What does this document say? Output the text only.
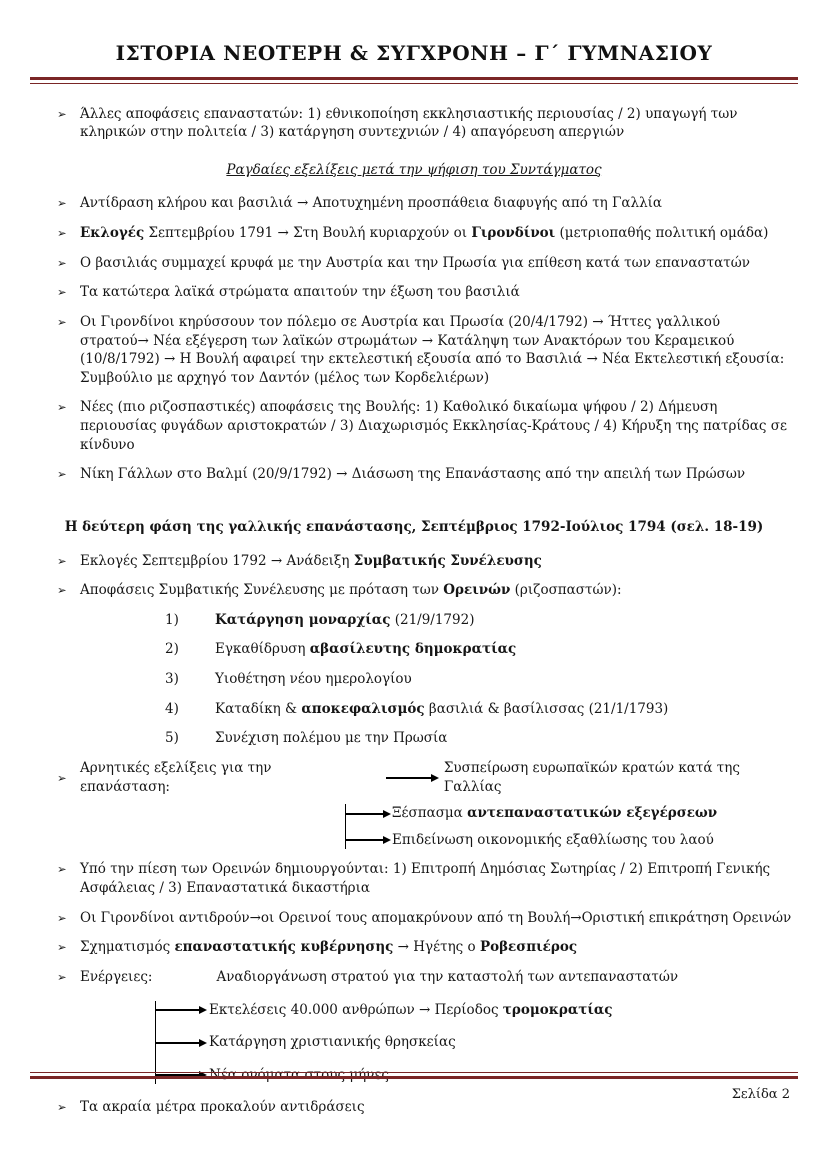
ΙΣΤΟΡΙΑ ΝΕΟΤΕΡΗ & ΣΥΓΧΡΟΝΗ – Γ΄ ΓΥΜΝΑΣΙΟΥ
➢ Άλλες αποφάσεις επαναστατών: 1) εθνικοποίηση εκκλησιαστικής περιουσίας / 2) υπαγωγή των κληρικών στην πολιτεία / 3) κατάργηση συντεχνιών / 4) απαγόρευση απεργιών
Ραγδαίες εξελίξεις μετά την ψήφιση του Συντάγματος
➢ Αντίδραση κλήρου και βασιλιά → Αποτυχημένη προσπάθεια διαφυγής από τη Γαλλία
➢ Εκλογές Σεπτεμβρίου 1791 → Στη Βουλή κυριαρχούν οι Γιρονδίνοι (μετριοπαθής πολιτική ομάδα)
➢ Ο βασιλιάς συμμαχεί κρυφά με την Αυστρία και την Πρωσία για επίθεση κατά των επαναστατών
➢ Τα κατώτερα λαϊκά στρώματα απαιτούν την έξωση του βασιλιά
➢ Οι Γιρονδίνοι κηρύσσουν τον πόλεμο σε Αυστρία και Πρωσία (20/4/1792) → Ήττες γαλλικού στρατού→ Νέα εξέγερση των λαϊκών στρωμάτων → Κατάληψη των Ανακτόρων του Κεραμεικού (10/8/1792) → Η Βουλή αφαιρεί την εκτελεστική εξουσία από το Βασιλιά → Νέα Εκτελεστική εξουσία: Συμβούλιο με αρχηγό τον Δαντόν (μέλος των Κορδελιέρων)
➢ Νέες (πιο ριζοσπαστικές) αποφάσεις της Βουλής: 1) Καθολικό δικαίωμα ψήφου / 2) Δήμευση περιουσίας φυγάδων αριστοκρατών / 3) Διαχωρισμός Εκκλησίας-Κράτους / 4) Κήρυξη της πατρίδας σε κίνδυνο
➢ Νίκη Γάλλων στο Βαλμί (20/9/1792) → Διάσωση της Επανάστασης από την απειλή των Πρώσων
Η δεύτερη φάση της γαλλικής επανάστασης, Σεπτέμβριος 1792-Ιούλιος 1794 (σελ. 18-19)
➢ Εκλογές Σεπτεμβρίου 1792 → Ανάδειξη Συμβατικής Συνέλευσης
➢ Αποφάσεις Συμβατικής Συνέλευσης με πρόταση των Ορεινών (ριζοσπαστών):
1)	Κατάργηση μοναρχίας (21/9/1792)
2)	Εγκαθίδρυση αβασίλευτης δημοκρατίας
3)	Υιοθέτηση νέου ημερολογίου
4)	Καταδίκη & αποκεφαλισμός βασιλιά & βασίλισσας (21/1/1793)
5)	Συνέχιση πολέμου με την Πρωσία
➢
Αρνητικές εξελίξεις για την επανάσταση:
Συσπείρωση ευρωπαϊκών κρατών κατά της Γαλλίας
Ξέσπασμα αντεπαναστατικών εξεγέρσεων
Επιδείνωση οικονομικής εξαθλίωσης του λαού
➢ Υπό την πίεση των Ορεινών δημιουργούνται: 1) Επιτροπή Δημόσιας Σωτηρίας / 2) Επιτροπή Γενικής Ασφάλειας / 3) Επαναστατικά δικαστήρια
➢ Οι Γιρονδίνοι αντιδρούν→οι Ορεινοί τους απομακρύνουν από τη Βουλή→Οριστική επικράτηση Ορεινών
➢ Σχηματισμός επαναστατικής κυβέρνησης → Ηγέτης ο Ροβεσπιέρος
➢ Ενέργειες:	Αναδιοργάνωση στρατού για την καταστολή των αντεπαναστατών
Εκτελέσεις 40.000 ανθρώπων → Περίοδος τρομοκρατίας
Κατάργηση χριστιανικής θρησκείας
Νέα ονόματα στους μήνες
➢ Τα ακραία μέτρα προκαλούν αντιδράσεις
Σελίδα 2
